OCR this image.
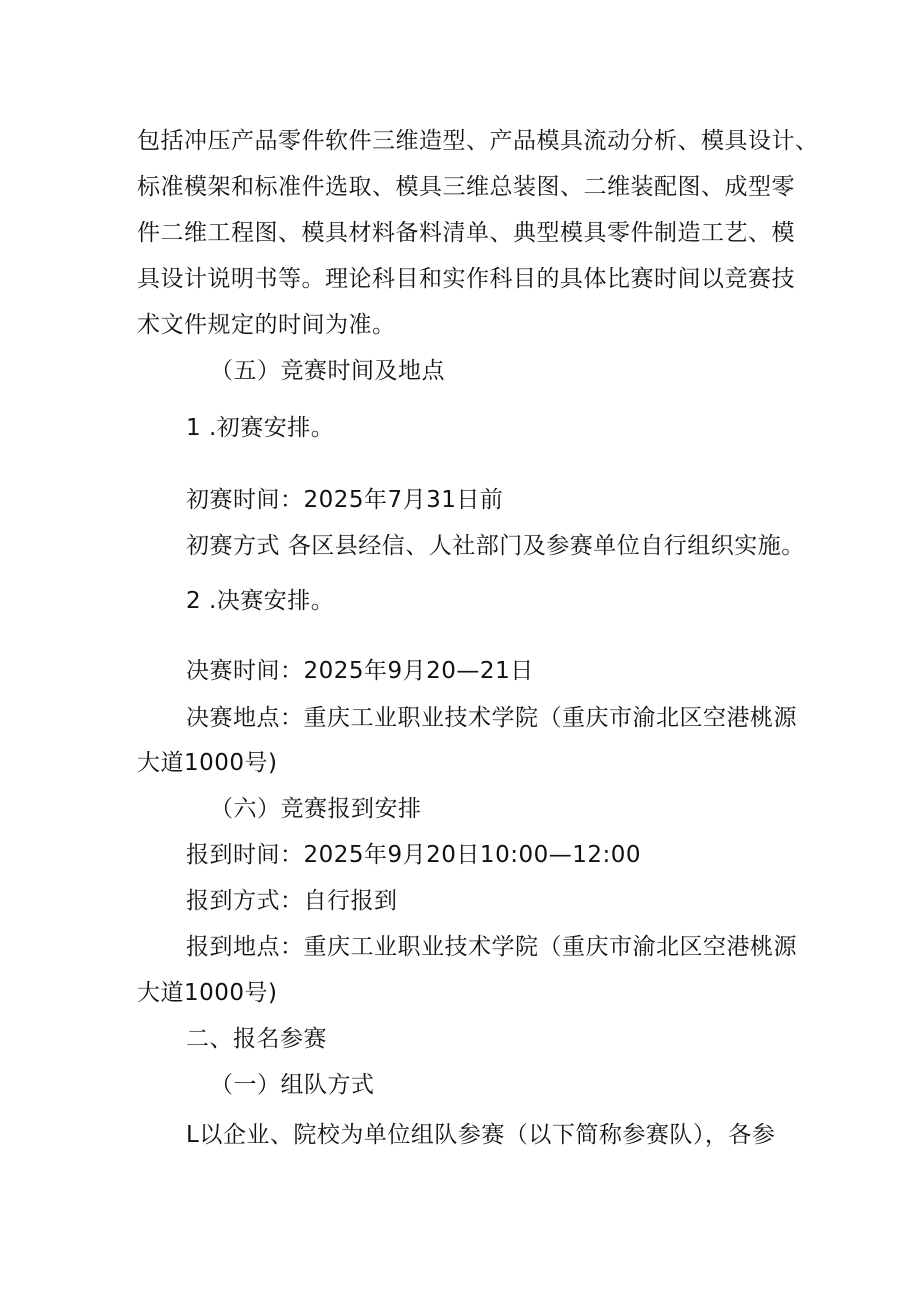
包括冲压产品零件软件三维造型、产品模具流动分析、模具设计、
标准模架和标准件选取、模具三维总装图、二维装配图、成型零
件二维工程图、模具材料备料清单、典型模具零件制造工艺、模
具设计说明书等。理论科目和实作科目的具体比赛时间以竞赛技
术文件规定的时间为准。
（五）竞赛时间及地点
1 .初赛安排。
初赛时间：2025年7月31日前
初赛方式 各区县经信、人社部门及参赛单位自行组织实施。
2 .决赛安排。
决赛时间：2025年9月20—21日
决赛地点：重庆工业职业技术学院（重庆市渝北区空港桃源
大道1000号)
（六）竞赛报到安排
报到时间：2025年9月20日10:00—12:00
报到方式：自行报到
报到地点：重庆工业职业技术学院（重庆市渝北区空港桃源
大道1000号)
二、报名参赛
（一）组队方式
L以企业、院校为单位组队参赛（以下简称参赛队），各参
